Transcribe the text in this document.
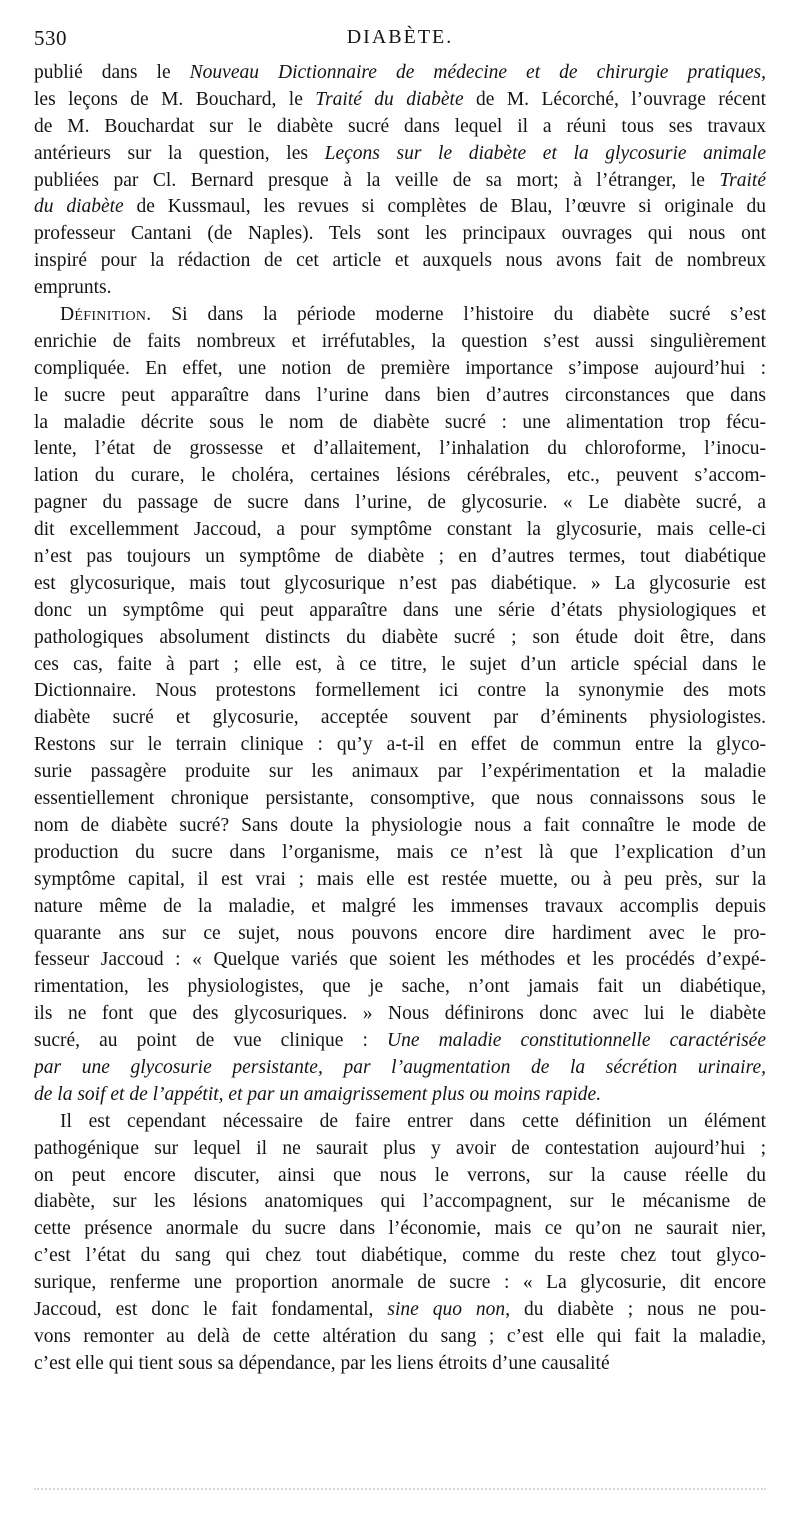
530	DIABÈTE.
publié dans le Nouveau Dictionnaire de médecine et de chirurgie pratiques,
les leçons de M. Bouchard, le Traité du diabète de M. Lécorché, l’ouvrage récent
de M. Bouchardat sur le diabète sucré dans lequel il a réuni tous ses travaux
antérieurs sur la question, les Leçons sur le diabète et la glycosurie animale
publiées par Cl. Bernard presque à la veille de sa mort; à l’étranger, le Traité
du diabète de Kussmaul, les revues si complètes de Blau, l’œuvre si originale du
professeur Cantani (de Naples). Tels sont les principaux ouvrages qui nous ont
inspiré pour la rédaction de cet article et auxquels nous avons fait de nombreux
emprunts.
Définition. Si dans la période moderne l’histoire du diabète sucré s’est
enrichie de faits nombreux et irréfutables, la question s’est aussi singulièrement
compliquée. En effet, une notion de première importance s’impose aujourd’hui :
le sucre peut apparaître dans l’urine dans bien d’autres circonstances que dans
la maladie décrite sous le nom de diabète sucré : une alimentation trop fécu-
lente, l’état de grossesse et d’allaitement, l’inhalation du chloroforme, l’inocu-
lation du curare, le choléra, certaines lésions cérébrales, etc., peuvent s’accom-
pagner du passage de sucre dans l’urine, de glycosurie. « Le diabète sucré, a
dit excellemment Jaccoud, a pour symptôme constant la glycosurie, mais celle-ci
n’est pas toujours un symptôme de diabète ; en d’autres termes, tout diabétique
est glycosurique, mais tout glycosurique n’est pas diabétique. » La glycosurie est
donc un symptôme qui peut apparaître dans une série d’états physiologiques et
pathologiques absolument distincts du diabète sucré ; son étude doit être, dans
ces cas, faite à part ; elle est, à ce titre, le sujet d’un article spécial dans le
Dictionnaire. Nous protestons formellement ici contre la synonymie des mots
diabète sucré et glycosurie, acceptée souvent par d’éminents physiologistes.
Restons sur le terrain clinique : qu’y a-t-il en effet de commun entre la glyco-
surie passagère produite sur les animaux par l’expérimentation et la maladie
essentiellement chronique persistante, consomptive, que nous connaissons sous le
nom de diabète sucré? Sans doute la physiologie nous a fait connaître le mode de
production du sucre dans l’organisme, mais ce n’est là que l’explication d’un
symptôme capital, il est vrai ; mais elle est restée muette, ou à peu près, sur la
nature même de la maladie, et malgré les immenses travaux accomplis depuis
quarante ans sur ce sujet, nous pouvons encore dire hardiment avec le pro-
fesseur Jaccoud : « Quelque variés que soient les méthodes et les procédés d’expé-
rimentation, les physiologistes, que je sache, n’ont jamais fait un diabétique,
ils ne font que des glycosuriques. » Nous définirons donc avec lui le diabète
sucré, au point de vue clinique : Une maladie constitutionnelle caractérisée
par une glycosurie persistante, par l’augmentation de la sécrétion urinaire,
de la soif et de l’appétit, et par un amaigrissement plus ou moins rapide.
Il est cependant nécessaire de faire entrer dans cette définition un élément
pathogénique sur lequel il ne saurait plus y avoir de contestation aujourd’hui ;
on peut encore discuter, ainsi que nous le verrons, sur la cause réelle du
diabète, sur les lésions anatomiques qui l’accompagnent, sur le mécanisme de
cette présence anormale du sucre dans l’économie, mais ce qu’on ne saurait nier,
c’est l’état du sang qui chez tout diabétique, comme du reste chez tout glyco-
surique, renferme une proportion anormale de sucre : « La glycosurie, dit encore
Jaccoud, est donc le fait fondamental, sine quo non, du diabète ; nous ne pou-
vons remonter au delà de cette altération du sang ; c’est elle qui fait la maladie,
c’est elle qui tient sous sa dépendance, par les liens étroits d’une causalité
